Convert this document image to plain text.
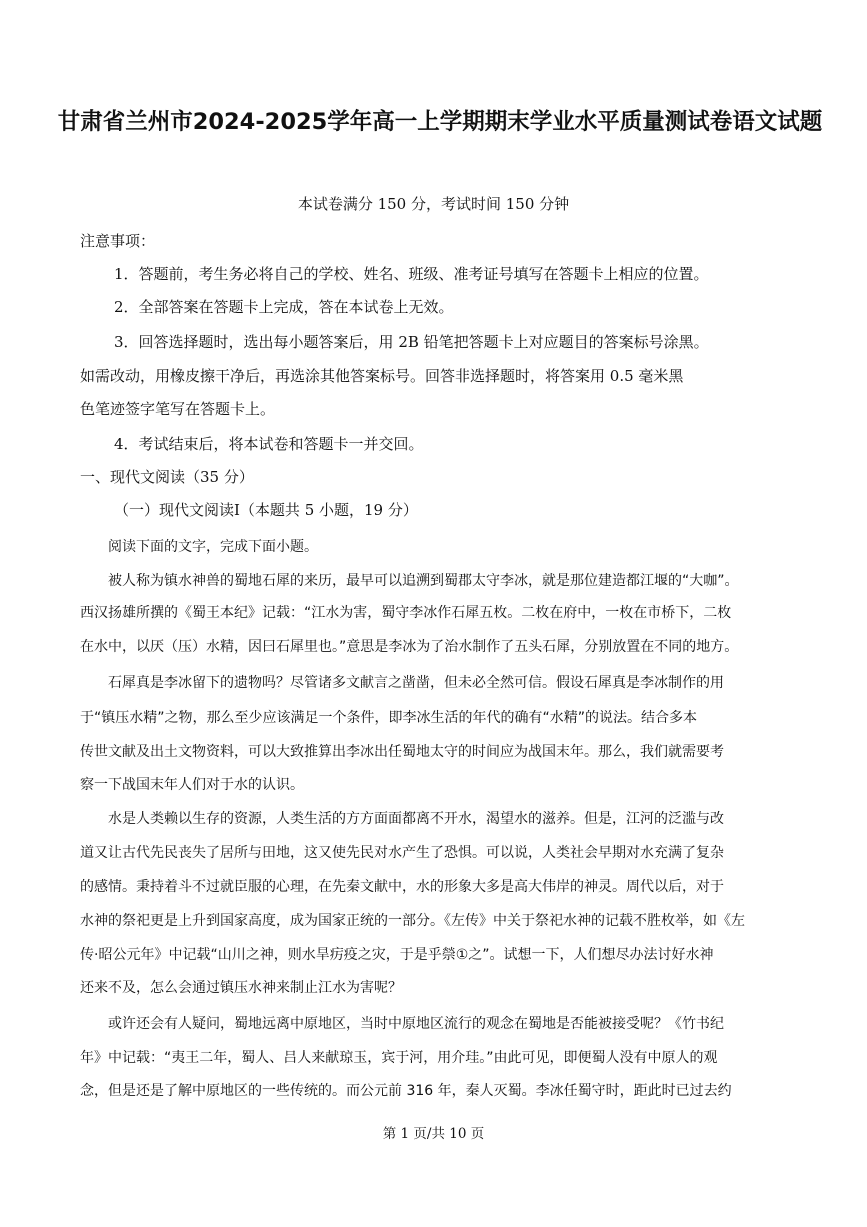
甘肃省兰州市2024-2025学年高一上学期期末学业水平质量测试卷语文试题
本试卷满分 150 分，考试时间 150 分钟
注意事项：
1．答题前，考生务必将自己的学校、姓名、班级、准考证号填写在答题卡上相应的位置。
2．全部答案在答题卡上完成，答在本试卷上无效。
3．回答选择题时，选出每小题答案后，用 2B 铅笔把答题卡上对应题目的答案标号涂黑。
如需改动，用橡皮擦干净后，再选涂其他答案标号。回答非选择题时，将答案用 0.5 毫米黑
色笔迹签字笔写在答题卡上。
4．考试结束后，将本试卷和答题卡一并交回。
一、现代文阅读（35 分）
（一）现代文阅读Ⅰ（本题共 5 小题，19 分）
阅读下面的文字，完成下面小题。
被人称为镇水神兽的蜀地石犀的来历，最早可以追溯到蜀郡太守李冰，就是那位建造都江堰的“大咖”。
西汉扬雄所撰的《蜀王本纪》记载：“江水为害，蜀守李冰作石犀五枚。二枚在府中，一枚在市桥下，二枚
在水中，以厌（压）水精，因曰石犀里也。”意思是李冰为了治水制作了五头石犀，分别放置在不同的地方。
石犀真是李冰留下的遗物吗？尽管诸多文献言之凿凿，但未必全然可信。假设石犀真是李冰制作的用
于“镇压水精”之物，那么至少应该满足一个条件，即李冰生活的年代的确有“水精”的说法。结合多本
传世文献及出土文物资料，可以大致推算出李冰出任蜀地太守的时间应为战国末年。那么，我们就需要考
察一下战国末年人们对于水的认识。
水是人类赖以生存的资源，人类生活的方方面面都离不开水，渴望水的滋养。但是，江河的泛滥与改
道又让古代先民丧失了居所与田地，这又使先民对水产生了恐惧。可以说，人类社会早期对水充满了复杂
的感情。秉持着斗不过就臣服的心理，在先秦文献中，水的形象大多是高大伟岸的神灵。周代以后，对于
水神的祭祀更是上升到国家高度，成为国家正统的一部分。《左传》中关于祭祀水神的记载不胜枚举，如《左
传·昭公元年》中记载“山川之神，则水旱疠疫之灾，于是乎禜①之”。试想一下，人们想尽办法讨好水神
还来不及，怎么会通过镇压水神来制止江水为害呢？
或许还会有人疑问，蜀地远离中原地区，当时中原地区流行的观念在蜀地是否能被接受呢？《竹书纪
年》中记载：“夷王二年，蜀人、吕人来献琼玉，宾于河，用介珪。”由此可见，即便蜀人没有中原人的观
念，但是还是了解中原地区的一些传统的。而公元前 316 年，秦人灭蜀。李冰任蜀守时，距此时已过去约
第 1 页/共 10 页
